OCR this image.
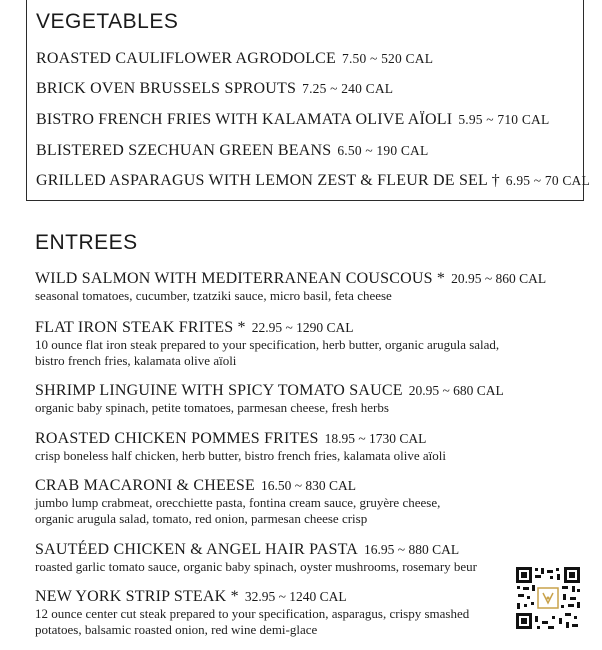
VEGETABLES
ROASTED CAULIFLOWER AGRODOLCE 7.50 ~ 520 CAL
BRICK OVEN BRUSSELS SPROUTS 7.25 ~ 240 CAL
BISTRO FRENCH FRIES WITH KALAMATA OLIVE AÏOLI 5.95 ~ 710 CAL
BLISTERED SZECHUAN GREEN BEANS 6.50 ~ 190 CAL
GRILLED ASPARAGUS WITH LEMON ZEST & FLEUR DE SEL † 6.95 ~ 70 CAL
ENTREES
WILD SALMON WITH MEDITERRANEAN COUSCOUS * 20.95 ~ 860 CAL
seasonal tomatoes, cucumber, tzatziki sauce, micro basil, feta cheese
FLAT IRON STEAK FRITES * 22.95 ~ 1290 CAL
10 ounce flat iron steak prepared to your specification, herb butter, organic arugula salad,
bistro french fries, kalamata olive aïoli
SHRIMP LINGUINE WITH SPICY TOMATO SAUCE 20.95 ~ 680 CAL
organic baby spinach, petite tomatoes, parmesan cheese, fresh herbs
ROASTED CHICKEN POMMES FRITES 18.95 ~ 1730 CAL
crisp boneless half chicken, herb butter, bistro french fries, kalamata olive aïoli
CRAB MACARONI & CHEESE 16.50 ~ 830 CAL
jumbo lump crabmeat, orecchiette pasta, fontina cream sauce, gruyère cheese,
organic arugula salad, tomato, red onion, parmesan cheese crisp
SAUTÉED CHICKEN & ANGEL HAIR PASTA 16.95 ~ 880 CAL
roasted garlic tomato sauce, organic baby spinach, oyster mushrooms, rosemary beur
NEW YORK STRIP STEAK * 32.95 ~ 1240 CAL
12 ounce center cut steak prepared to your specification, asparagus, crispy smashed
potatoes, balsamic roasted onion, red wine demi-glace
